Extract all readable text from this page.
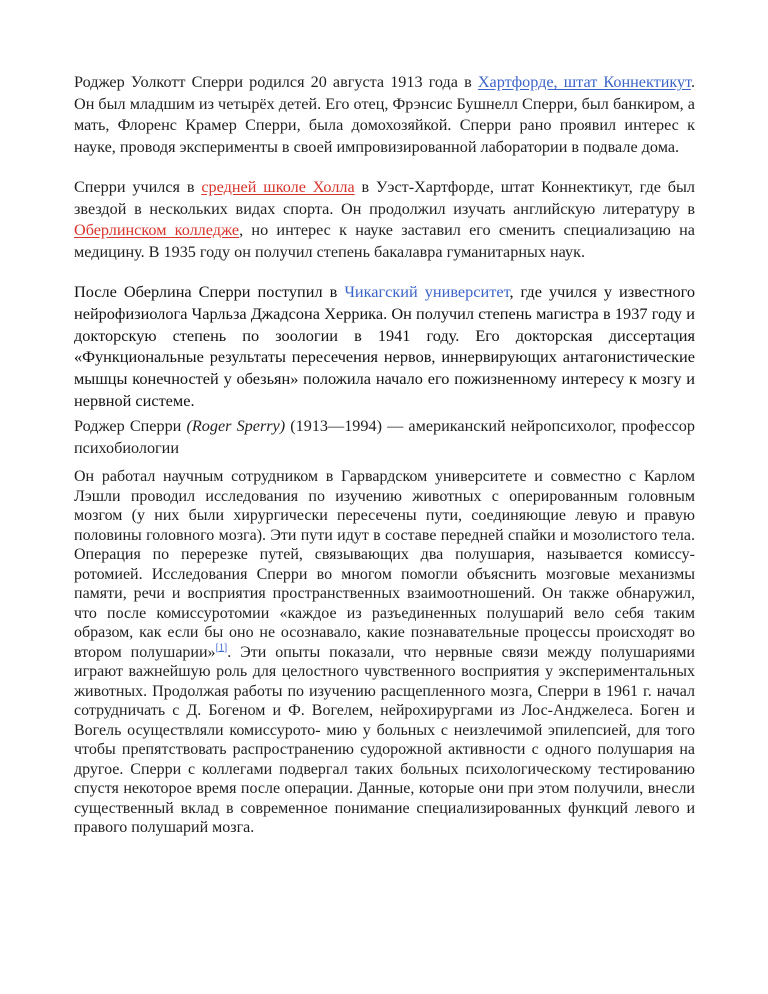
Роджер Уолкотт Сперри родился 20 августа 1913 года в Хартфорде, штат Коннектикут. Он был младшим из четырёх детей. Его отец, Фрэнсис Бушнелл Сперри, был банкиром, а мать, Флоренс Крамер Сперри, была домохозяйкой. Сперри рано проявил интерес к науке, проводя эксперименты в своей импровизированной лаборатории в подвале дома.

Сперри учился в средней школе Холла в Уэст-Хартфорде, штат Коннектикут, где был звездой в нескольких видах спорта. Он продолжил изучать английскую литературу в Оберлинском колледже, но интерес к науке заставил его сменить специализацию на медицину. В 1935 году он получил степень бакалавра гуманитарных наук.

После Оберлина Сперри поступил в Чикагский университет, где учился у известного нейрофизиолога Чарльза Джадсона Херрика. Он получил степень магистра в 1937 году и докторскую степень по зоологии в 1941 году. Его докторская диссертация «Функциональные результаты пересечения нервов, иннервирующих антагонистические мышцы конечностей у обезьян» положила начало его пожизненному интересу к мозгу и нервной системе.

Роджер Сперри (Roger Sperry) (1913—1994) — американский нейропсихолог, профессор психобиологии

Он работал научным сотрудником в Гарвардском университете и совместно с Карлом Лэшли проводил исследования по изучению животных с оперированным головным мозгом (у них были хирургически пересечены пути, соединяющие левую и правую половины головного мозга). Эти пути идут в составе передней спайки и мозолистого тела. Операция по перерезке путей, связывающих два полушария, называется комиссу- ротомией. Исследования Сперри во многом помогли объяснить мозговые механизмы памяти, речи и восприятия пространственных взаимоотношений. Он также обнаружил, что после комиссуротомии «каждое из разъединенных полушарий вело себя таким образом, как если бы оно не осознавало, какие познавательные процессы происходят во втором полушарии»[1]. Эти опыты показали, что нервные связи между полушариями играют важнейшую роль для целостного чувственного восприятия у экспериментальных животных. Продолжая работы по изучению расщепленного мозга, Сперри в 1961 г. начал сотрудничать с Д. Богеном и Ф. Вогелем, нейрохирургами из Лос-Анджелеса. Боген и Вогель осуществляли комиссурото- мию у больных с неизлечимой эпилепсией, для того чтобы препятствовать распространению судорожной активности с одного полушария на другое. Сперри с коллегами подвергал таких больных психологическому тестированию спустя некоторое время после операции. Данные, которые они при этом получили, внесли существенный вклад в современное понимание специализированных функций левого и правого полушарий мозга.
